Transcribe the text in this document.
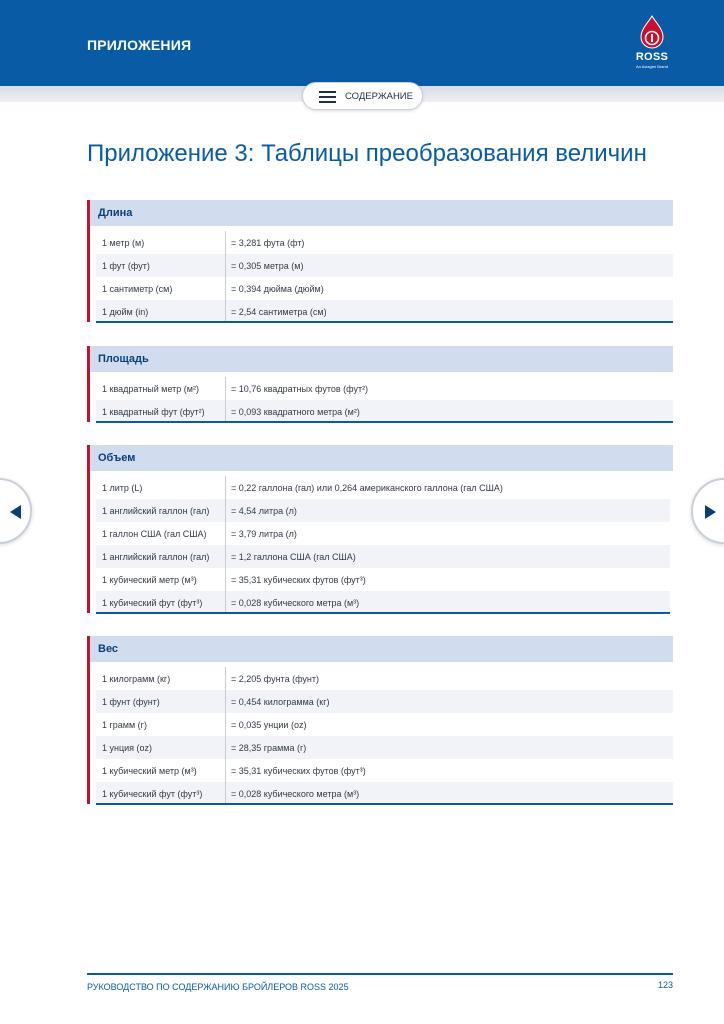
ПРИЛОЖЕНИЯ
ROSS
An Aviagen Brand
СОДЕРЖАНИЕ
Приложение 3: Таблицы преобразования величин
Длина
1 метр (м)	= 3,281 фута (фт)
1 фут (фут)	= 0,305 метра (м)
1 сантиметр (см)	= 0,394 дюйма (дюйм)
1 дюйм (in)	= 2,54 сантиметра (см)
Площадь
1 квадратный метр (м²)	= 10,76 квадратных футов (фут²)
1 квадратный фут (фут²)	= 0,093 квадратного метра (м²)
Объем
1 литр (L)	= 0,22 галлона (гал) или 0,264 американского галлона (гал США)
1 английский галлон (гал) = 4,54 литра (л)
1 галлон США (гал США)	= 3,79 литра (л)
1 английский галлон (гал) = 1,2 галлона США (гал США)
1 кубический метр (м³)	= 35,31 кубических футов (фут³)
1 кубический фут (фут³)	= 0,028 кубического метра (м³)
Вес
1 килограмм (кг)	= 2,205 фунта (фунт)
1 фунт (фунт)	= 0,454 килограмма (кг)
1 грамм (г)	= 0,035 унции (oz)
1 унция (oz)	= 28,35 грамма (г)
1 кубический метр (м³)	= 35,31 кубических футов (фут³)
1 кубический фут (фут³)	= 0,028 кубического метра (м³)
РУКОВОДСТВО ПО СОДЕРЖАНИЮ БРОЙЛЕРОВ ROSS 2025	123
